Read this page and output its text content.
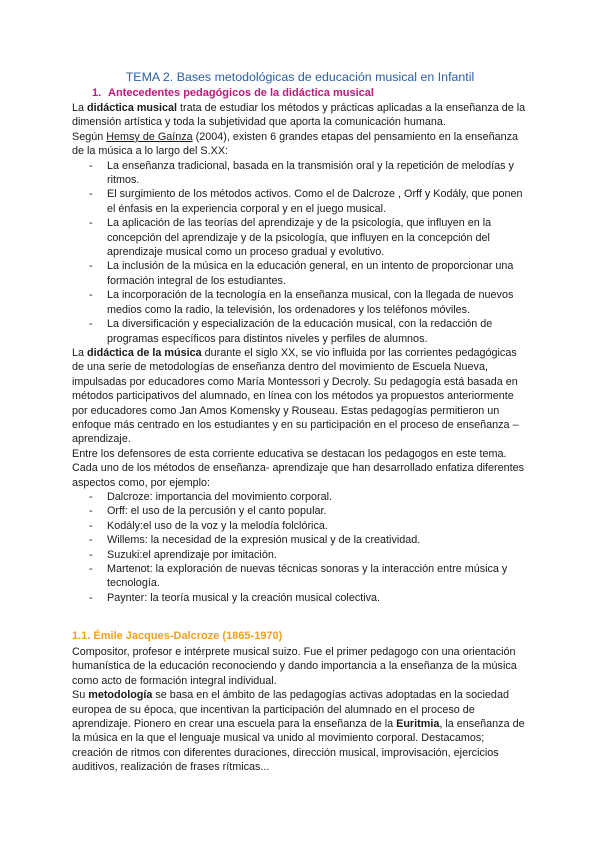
TEMA 2. Bases metodológicas de educación musical en Infantil
1. Antecedentes pedagógicos de la didáctica musical

La didáctica musical trata de estudiar los métodos y prácticas aplicadas a la enseñanza de la dimensión artística y toda la subjetividad que aporta la comunicación humana.

Según Hemsy de Gaínza (2004), existen 6 grandes etapas del pensamiento en la enseñanza de la música a lo largo del S.XX:

- La enseñanza tradicional, basada en la transmisión oral y la repetición de melodías y ritmos.
- El surgimiento de los métodos activos. Como el de Dalcroze , Orff y Kodály, que ponen el énfasis en la experiencia corporal y en el juego musical.
- La aplicación de las teorías del aprendizaje y de la psicología, que influyen en la concepción del aprendizaje y de la psicología, que influyen en la concepción del aprendizaje musical como un proceso gradual y evolutivo.
- La inclusión de la música en la educación general, en un intento de proporcionar una formación integral de los estudiantes.
- La incorporación de la tecnología en la enseñanza musical, con la llegada de nuevos medios como la radio, la televisión, los ordenadores y los teléfonos móviles.
- La diversificación y especialización de la educación musical, con la redacción de programas específicos para distintos niveles y perfiles de alumnos.

La didáctica de la música durante el siglo XX, se vio influida por las corrientes pedagógicas de una serie de metodologías de enseñanza dentro del movimiento de Escuela Nueva, impulsadas por educadores como María Montessori y Decroly. Su pedagogía está basada en métodos participativos del alumnado, en línea con los métodos ya propuestos anteriormente por educadores como Jan Amos Komensky y Rouseau. Estas pedagogías permitieron un enfoque más centrado en los estudiantes y en su participación en el proceso de enseñanza – aprendizaje.

Entre los defensores de esta corriente educativa se destacan los pedagogos en este tema. Cada uno de los métodos de enseñanza- aprendizaje que han desarrollado enfatiza diferentes aspectos como, por ejemplo:

- Dalcroze: importancia del movimiento corporal.
- Orff: el uso de la percusión y el canto popular.
- Kodály:el uso de la voz y la melodía folclórica.
- Willems: la necesidad de la expresión musical y de la creatividad.
- Suzuki:el aprendizaje por imitación.
- Martenot: la exploración de nuevas técnicas sonoras y la interacción entre música y tecnología.
- Paynter: la teoría musical y la creación musical colectiva.
1.1. Émile Jacques-Dalcroze (1865-1970)

Compositor, profesor e intérprete musical suizo. Fue el primer pedagogo con una orientación humanística de la educación reconociendo y dando importancia a la enseñanza de la música como acto de formación integral individual.

Su metodología se basa en el ámbito de las pedagogías activas adoptadas en la sociedad europea de su época, que incentivan la participación del alumnado en el proceso de aprendizaje. Pionero en crear una escuela para la enseñanza de la Euritmia, la enseñanza de la música en la que el lenguaje musical va unido al movimiento corporal. Destacamos; creación de ritmos con diferentes duraciones, dirección musical, improvisación, ejercicios auditivos, realización de frases rítmicas...
